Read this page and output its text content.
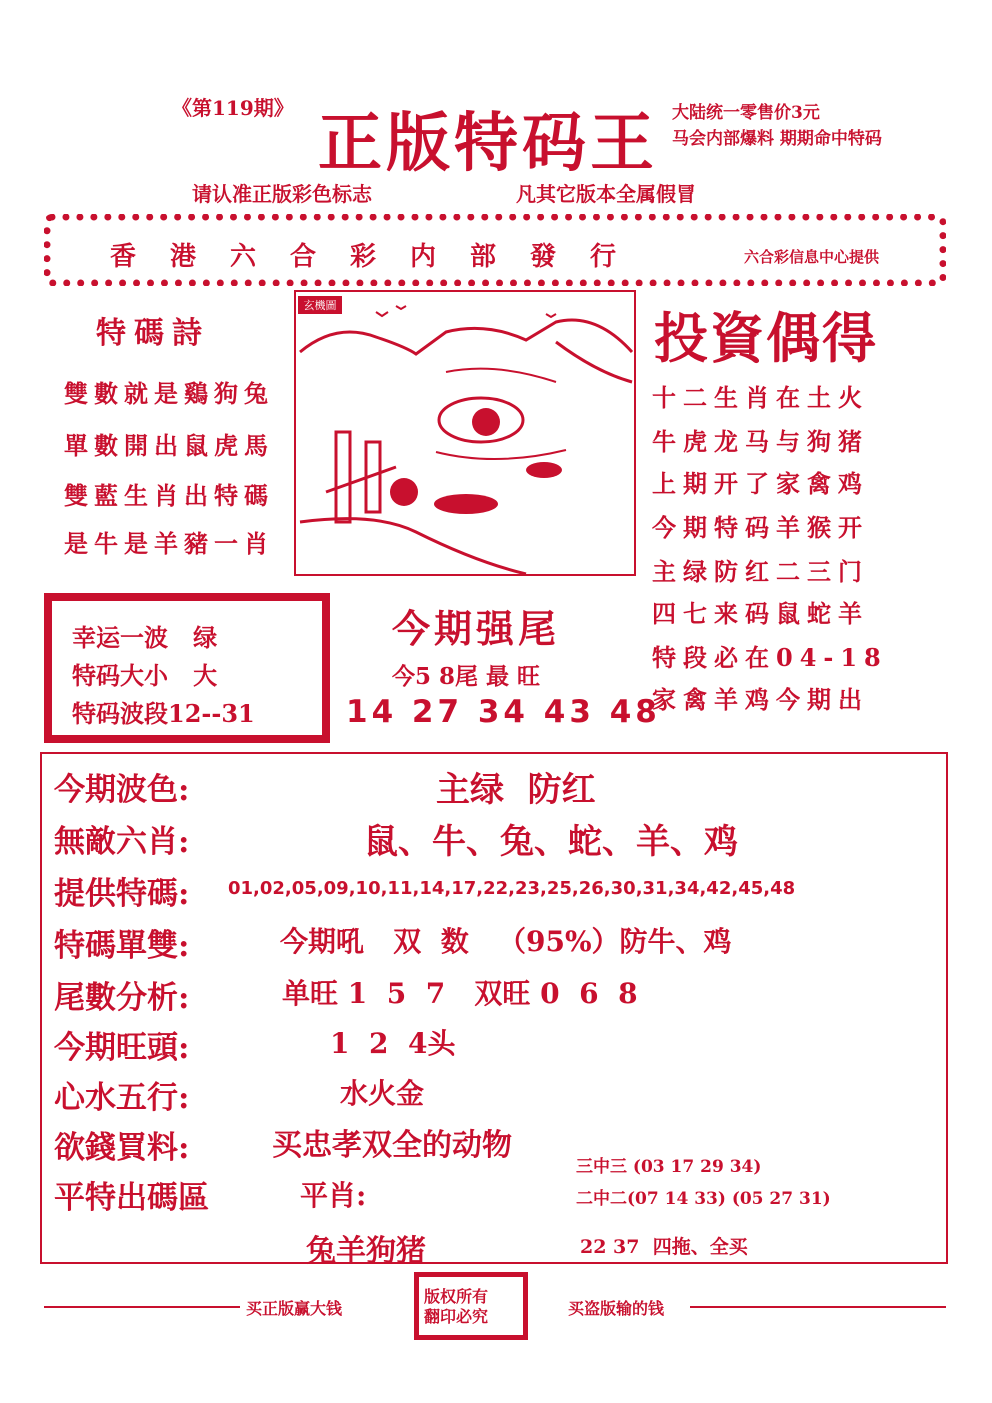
《第119期》 正版特码王 大陆统一零售价3元
马会内部爆料 期期命中特码
请认准正版彩色标志	凡其它版本全属假冒
香港六合彩内部發行	六合彩信息中心提供
特碼詩
雙數就是鷄狗兔
單數開出鼠虎馬
雙藍生肖出特碼
是牛是羊豬一肖
玄機圖
投資偶得
十二生肖在土火
牛虎龙马与狗猪
上期开了家禽鸡
今期特码羊猴开
主绿防红二三门
四七来码鼠蛇羊
特段必在04-18
家禽羊鸡今期出
幸运一波 绿
特码大小 大
特码波段12--31
今期强尾
今5 8尾 最 旺
14 27 34 43 48
今期波色:	主绿  防红
無敵六肖:	鼠、牛、兔、蛇、羊、鸡
提供特碼: 01,02,05,09,10,11,14,17,22,23,25,26,30,31,34,42,45,48
特碼單雙:	今期吼   双  数   （95%）防牛、鸡
尾數分析:	单旺 1  5  7   双旺 0  6  8
今期旺頭:	1  2  4头
心水五行:	水火金
欲錢買料:	买忠孝双全的动物
平特出碼區	平肖:
三中三 (03 17 29 34)
二中二(07 14 33) (05 27 31)
兔羊狗猪	22 37  四拖、全买
买正版赢大钱
版权所有
翻印必究	买盗版输的钱
